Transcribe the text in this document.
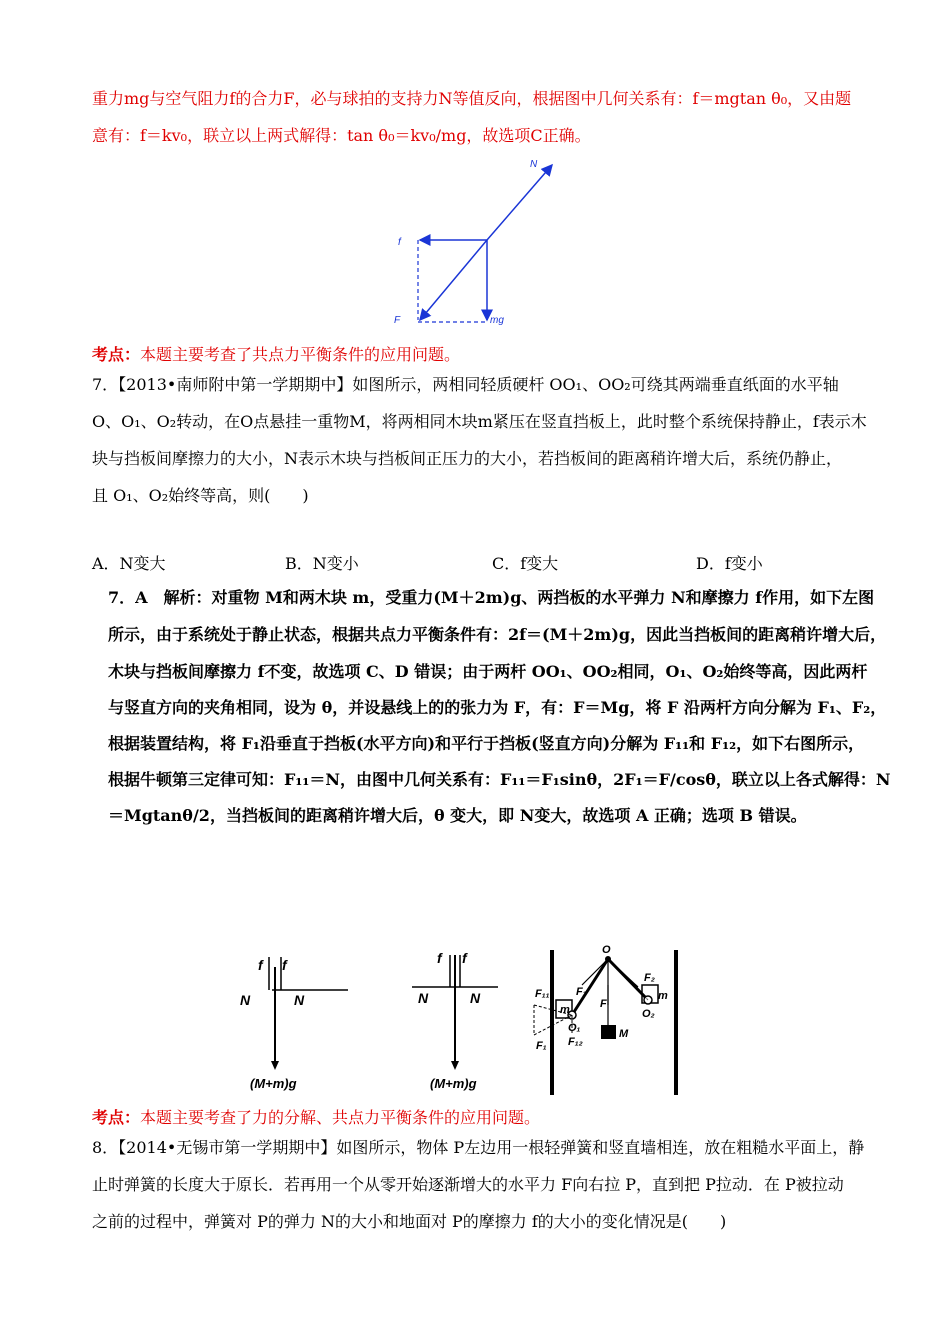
重力mg与空气阻力f的合力F，必与球拍的支持力N等值反向，根据图中几何关系有：f＝mgtan θ₀，又由题
意有：f＝kv₀，联立以上两式解得：tan θ₀＝kv₀/mg，故选项C正确。
N
f
F	mg
考点：本题主要考查了共点力平衡条件的应用问题。
7．【2013•南师附中第一学期期中】如图所示，两相同轻质硬杆 OO₁、OO₂可绕其两端垂直纸面的水平轴
O、O₁、O₂转动，在O点悬挂一重物M，将两相同木块m紧压在竖直挡板上，此时整个系统保持静止，f表示木
块与挡板间摩擦力的大小，N表示木块与挡板间正压力的大小，若挡板间的距离稍许增大后，系统仍静止，
且 O₁、O₂始终等高，则(　　)
A．N变大	B．N变小	C．f变大	D．f变小
7．A　解析：对重物 M和两木块 m，受重力(M＋2m)g、两挡板的水平弹力 N和摩擦力 f作用，如下左图
所示，由于系统处于静止状态，根据共点力平衡条件有：2f＝(M＋2m)g，因此当挡板间的距离稍许增大后，
木块与挡板间摩擦力 f不变，故选项 C、D 错误；由于两杆 OO₁、OO₂相同，O₁、O₂始终等高，因此两杆
与竖直方向的夹角相同，设为 θ，并设悬线上的的张力为 F，有：F＝Mg，将 F 沿两杆方向分解为 F₁、F₂，
根据装置结构，将 F₁沿垂直于挡板(水平方向)和平行于挡板(竖直方向)分解为 F₁₁和 F₁₂，如下右图所示，
根据牛顿第三定律可知：F₁₁＝N，由图中几何关系有：F₁₁＝F₁sinθ，2F₁＝F/cosθ，联立以上各式解得：N
＝Mgtanθ/2，当挡板间的距离稍许增大后，θ 变大，即 N变大，故选项 A 正确；选项 B 错误。
f f
N	N
(M+m)g
f f
N	N
(M+m)g
O
O₁
O₂
F
F₁
F₂
F₁₁
F₁₂
F₁
m
m
M
考点：本题主要考查了力的分解、共点力平衡条件的应用问题。
8．【2014•无锡市第一学期期中】如图所示，物体 P左边用一根轻弹簧和竖直墙相连，放在粗糙水平面上，静
止时弹簧的长度大于原长．若再用一个从零开始逐渐增大的水平力 F向右拉 P，直到把 P拉动．在 P被拉动
之前的过程中，弹簧对 P的弹力 N的大小和地面对 P的摩擦力 f的大小的变化情况是(　　)
